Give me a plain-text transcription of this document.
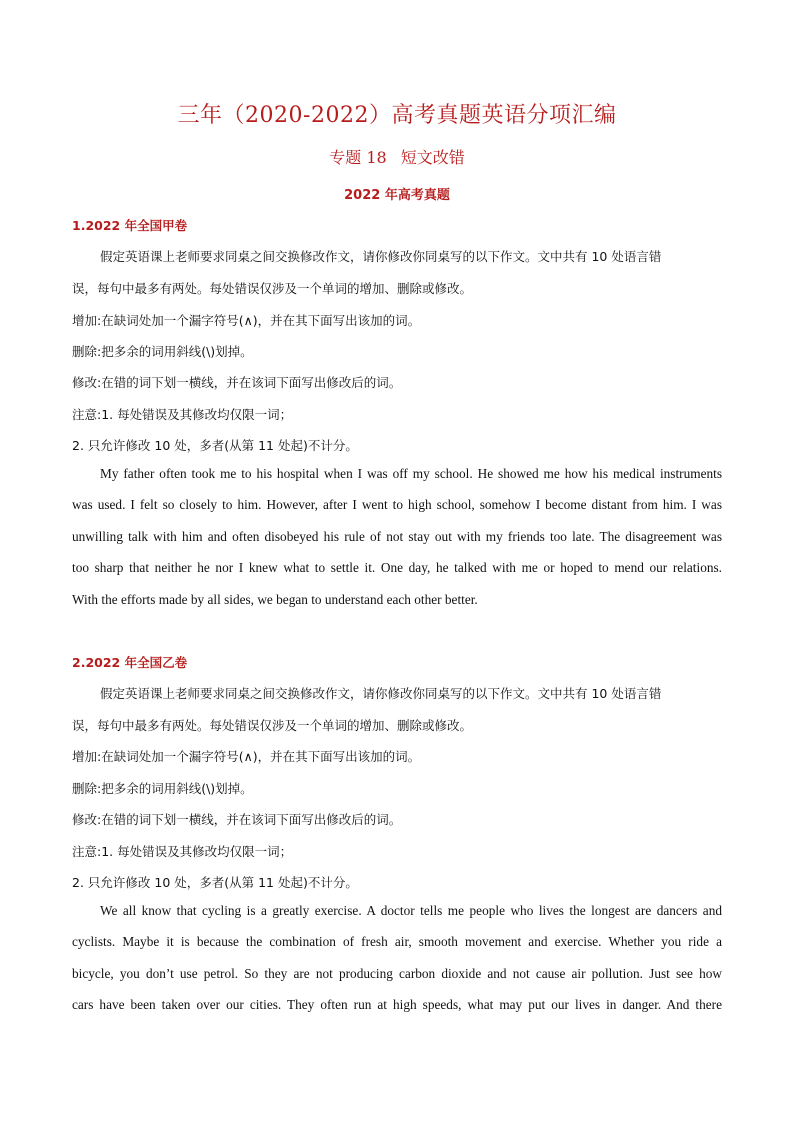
三年（2020-2022）高考真题英语分项汇编
专题 18 短文改错
2022 年高考真题
1.2022 年全国甲卷
假定英语课上老师要求同桌之间交换修改作文，请你修改你同桌写的以下作文。文中共有 10 处语言错
误，每句中最多有两处。每处错误仅涉及一个单词的增加、删除或修改。
增加:在缺词处加一个漏字符号(∧)，并在其下面写出该加的词。
删除:把多余的词用斜线(\)划掉。
修改:在错的词下划一横线，并在该词下面写出修改后的词。
注意:1. 每处错误及其修改均仅限一词；
2. 只允许修改 10 处，多者(从第 11 处起)不计分。
My father often took me to his hospital when I was off my school. He showed me how his medical instruments
was used. I felt so closely to him. However, after I went to high school, somehow I become distant from him. I was
unwilling talk with him and often disobeyed his rule of not stay out with my friends too late. The disagreement was
too sharp that neither he nor I knew what to settle it. One day, he talked with me or hoped to mend our relations.
With the efforts made by all sides, we began to understand each other better.
2.2022 年全国乙卷
假定英语课上老师要求同桌之间交换修改作文，请你修改你同桌写的以下作文。文中共有 10 处语言错
误，每句中最多有两处。每处错误仅涉及一个单词的增加、删除或修改。
增加:在缺词处加一个漏字符号(∧)，并在其下面写出该加的词。
删除:把多余的词用斜线(\)划掉。
修改:在错的词下划一横线，并在该词下面写出修改后的词。
注意:1. 每处错误及其修改均仅限一词；
2. 只允许修改 10 处，多者(从第 11 处起)不计分。
We all know that cycling is a greatly exercise. A doctor tells me people who lives the longest are dancers and
cyclists. Maybe it is because the combination of fresh air, smooth movement and exercise. Whether you ride a
bicycle, you don’t use petrol. So they are not producing carbon dioxide and not cause air pollution. Just see how
cars have been taken over our cities. They often run at high speeds, what may put our lives in danger. And there
